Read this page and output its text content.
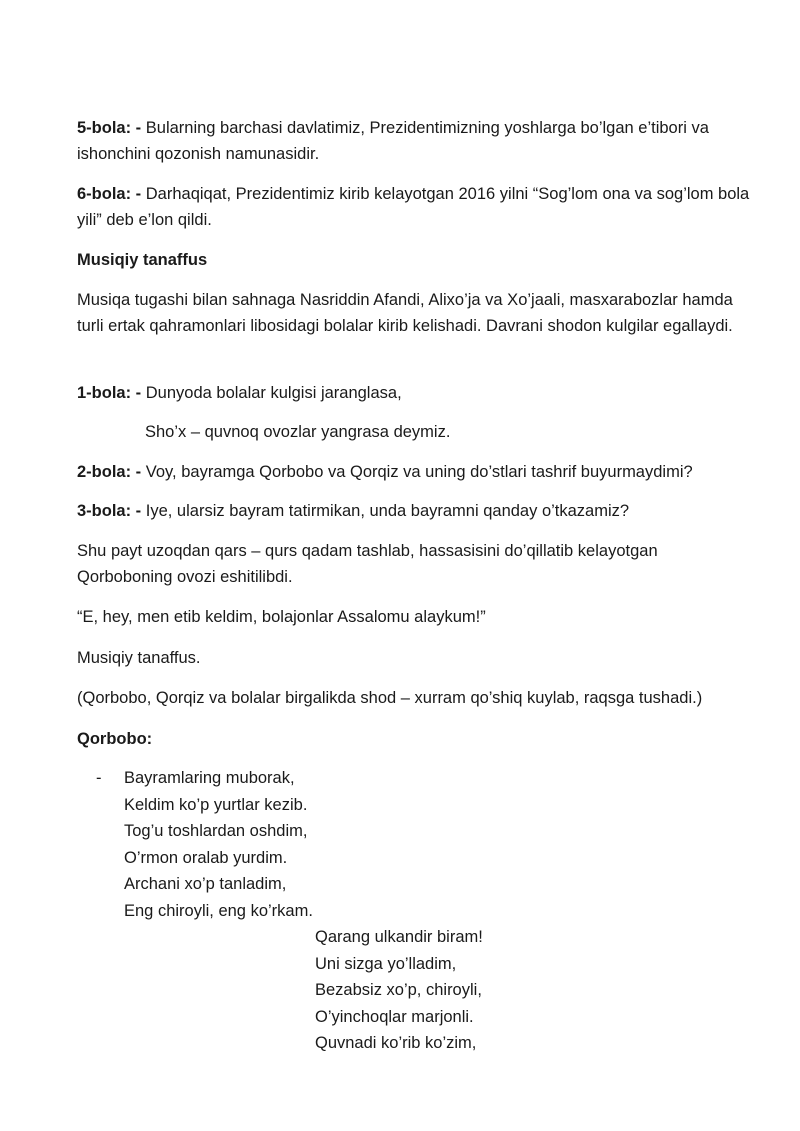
5-bola: - Bularning barchasi davlatimiz, Prezidentimizning yoshlarga bo’lgan e’tibori va ishonchini qozonish namunasidir.

6-bola: - Darhaqiqat, Prezidentimiz kirib kelayotgan 2016 yilni “Sog’lom ona va sog’lom bola yili” deb e’lon qildi.

Musiqiy tanaffus

Musiqa tugashi bilan sahnaga Nasriddin Afandi, Alixo’ja va Xo’jaali, masxarabozlar hamda turli ertak qahramonlari libosidagi bolalar kirib kelishadi. Davrani shodon kulgilar egallaydi.

1-bola: - Dunyoda bolalar kulgisi jaranglasa,

Sho’x – quvnoq ovozlar yangrasa deymiz.

2-bola: - Voy, bayramga Qorbobo va Qorqiz va uning do’stlari tashrif buyurmaydimi?

3-bola: - Iye, ularsiz bayram tatirmikan, unda bayramni qanday o’tkazamiz?

Shu payt uzoqdan qars – qurs qadam tashlab, hassasisini do’qillatib kelayotgan Qorboboning ovozi eshitilibdi.

“E, hey, men etib keldim, bolajonlar Assalomu alaykum!”

Musiqiy tanaffus.

(Qorbobo, Qorqiz va bolalar birgalikda shod – xurram qo’shiq kuylab, raqsga tushadi.)

Qorbobo:

- Bayramlaring muborak,
Keldim ko’p yurtlar kezib.
Tog’u toshlardan oshdim,
O’rmon oralab yurdim.
Archani xo’p tanladim,
Eng chiroyli, eng ko’rkam.
Qarang ulkandir biram!
Uni sizga yo’lladim,
Bezabsiz xo’p, chiroyli,
O’yinchoqlar marjonli.
Quvnadi ko’rib ko’zim,
